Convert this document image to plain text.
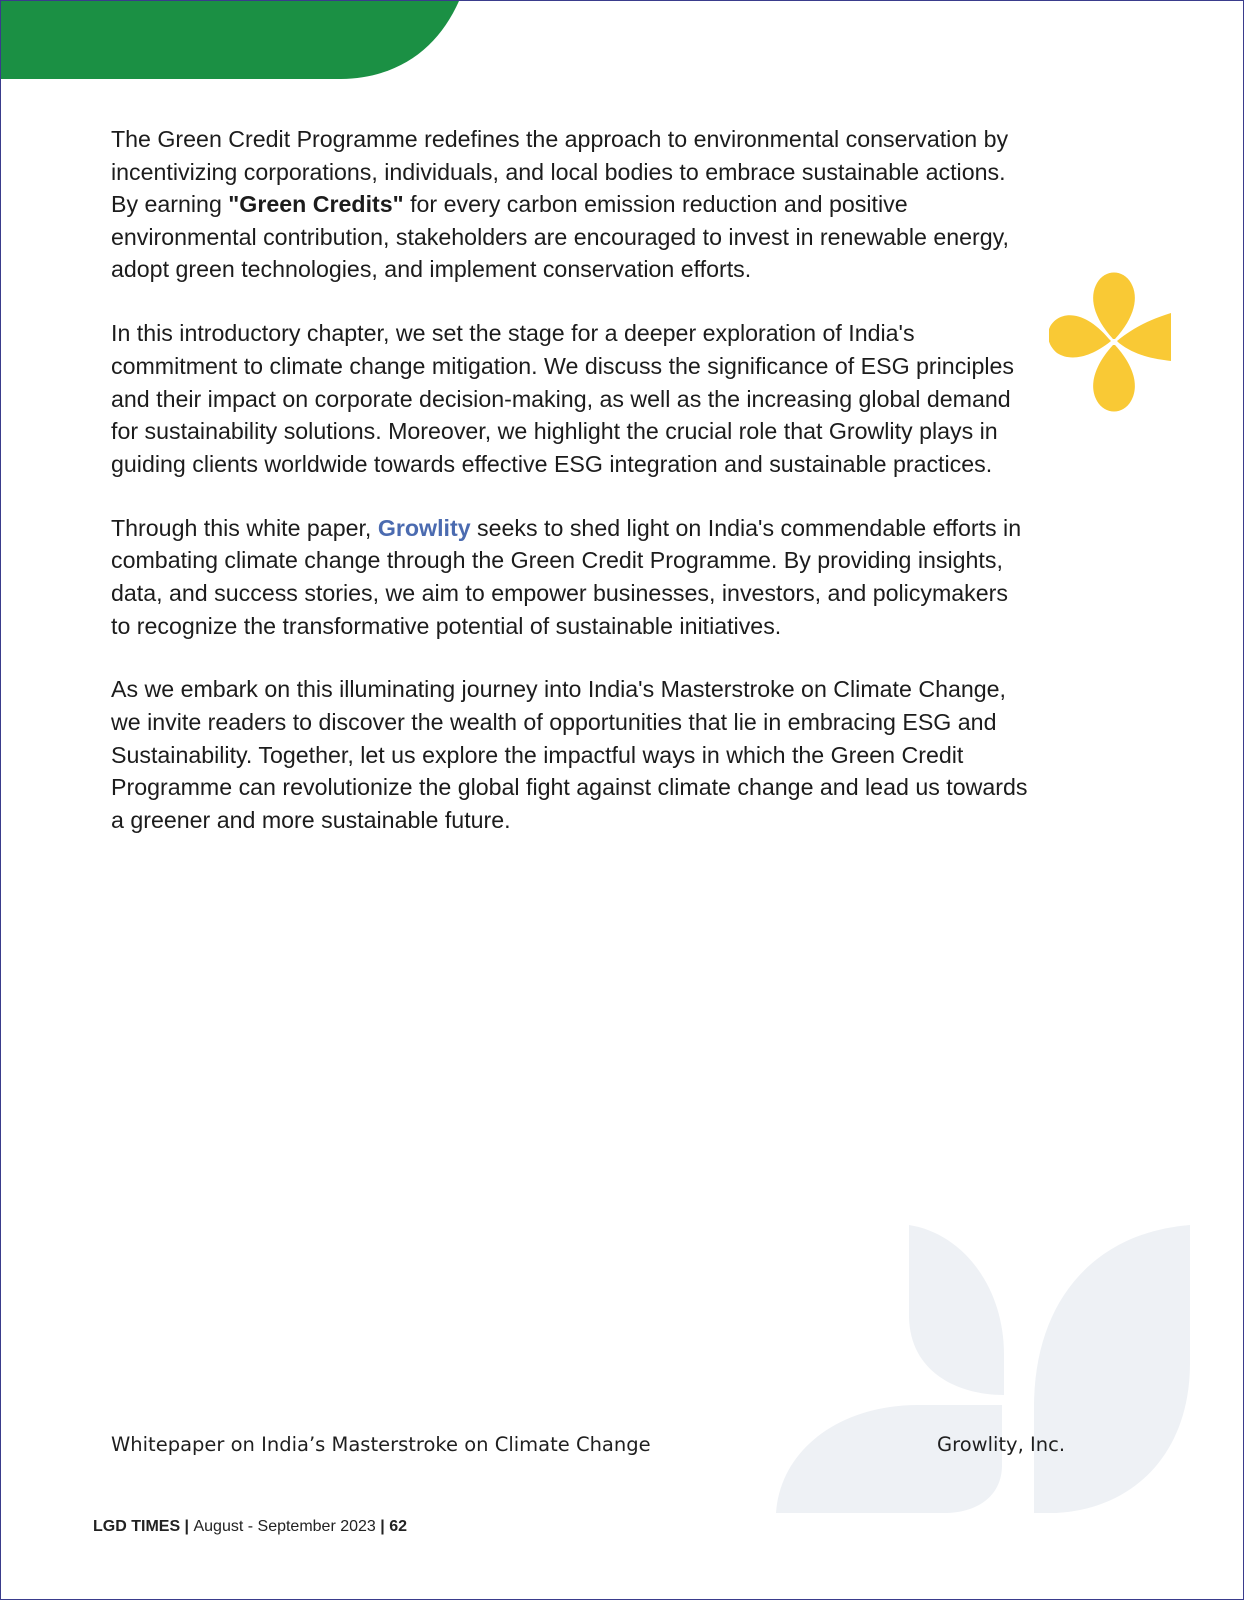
The Green Credit Programme redefines the approach to environmental conservation by incentivizing corporations, individuals, and local bodies to embrace sustainable actions. By earning "Green Credits" for every carbon emission reduction and positive environmental contribution, stakeholders are encouraged to invest in renewable energy, adopt green technologies, and implement conservation efforts.

In this introductory chapter, we set the stage for a deeper exploration of India's commitment to climate change mitigation. We discuss the significance of ESG principles and their impact on corporate decision-making, as well as the increasing global demand for sustainability solutions. Moreover, we highlight the crucial role that Growlity plays in guiding clients worldwide towards effective ESG integration and sustainable practices.

Through this white paper, Growlity seeks to shed light on India's commendable efforts in combating climate change through the Green Credit Programme. By providing insights, data, and success stories, we aim to empower businesses, investors, and policymakers to recognize the transformative potential of sustainable initiatives.

As we embark on this illuminating journey into India's Masterstroke on Climate Change, we invite readers to discover the wealth of opportunities that lie in embracing ESG and Sustainability. Together, let us explore the impactful ways in which the Green Credit Programme can revolutionize the global fight against climate change and lead us towards a greener and more sustainable future.

Whitepaper on India’s Masterstroke on Climate Change	Growlity, Inc.
LGD TIMES | August - September 2023 | 62
